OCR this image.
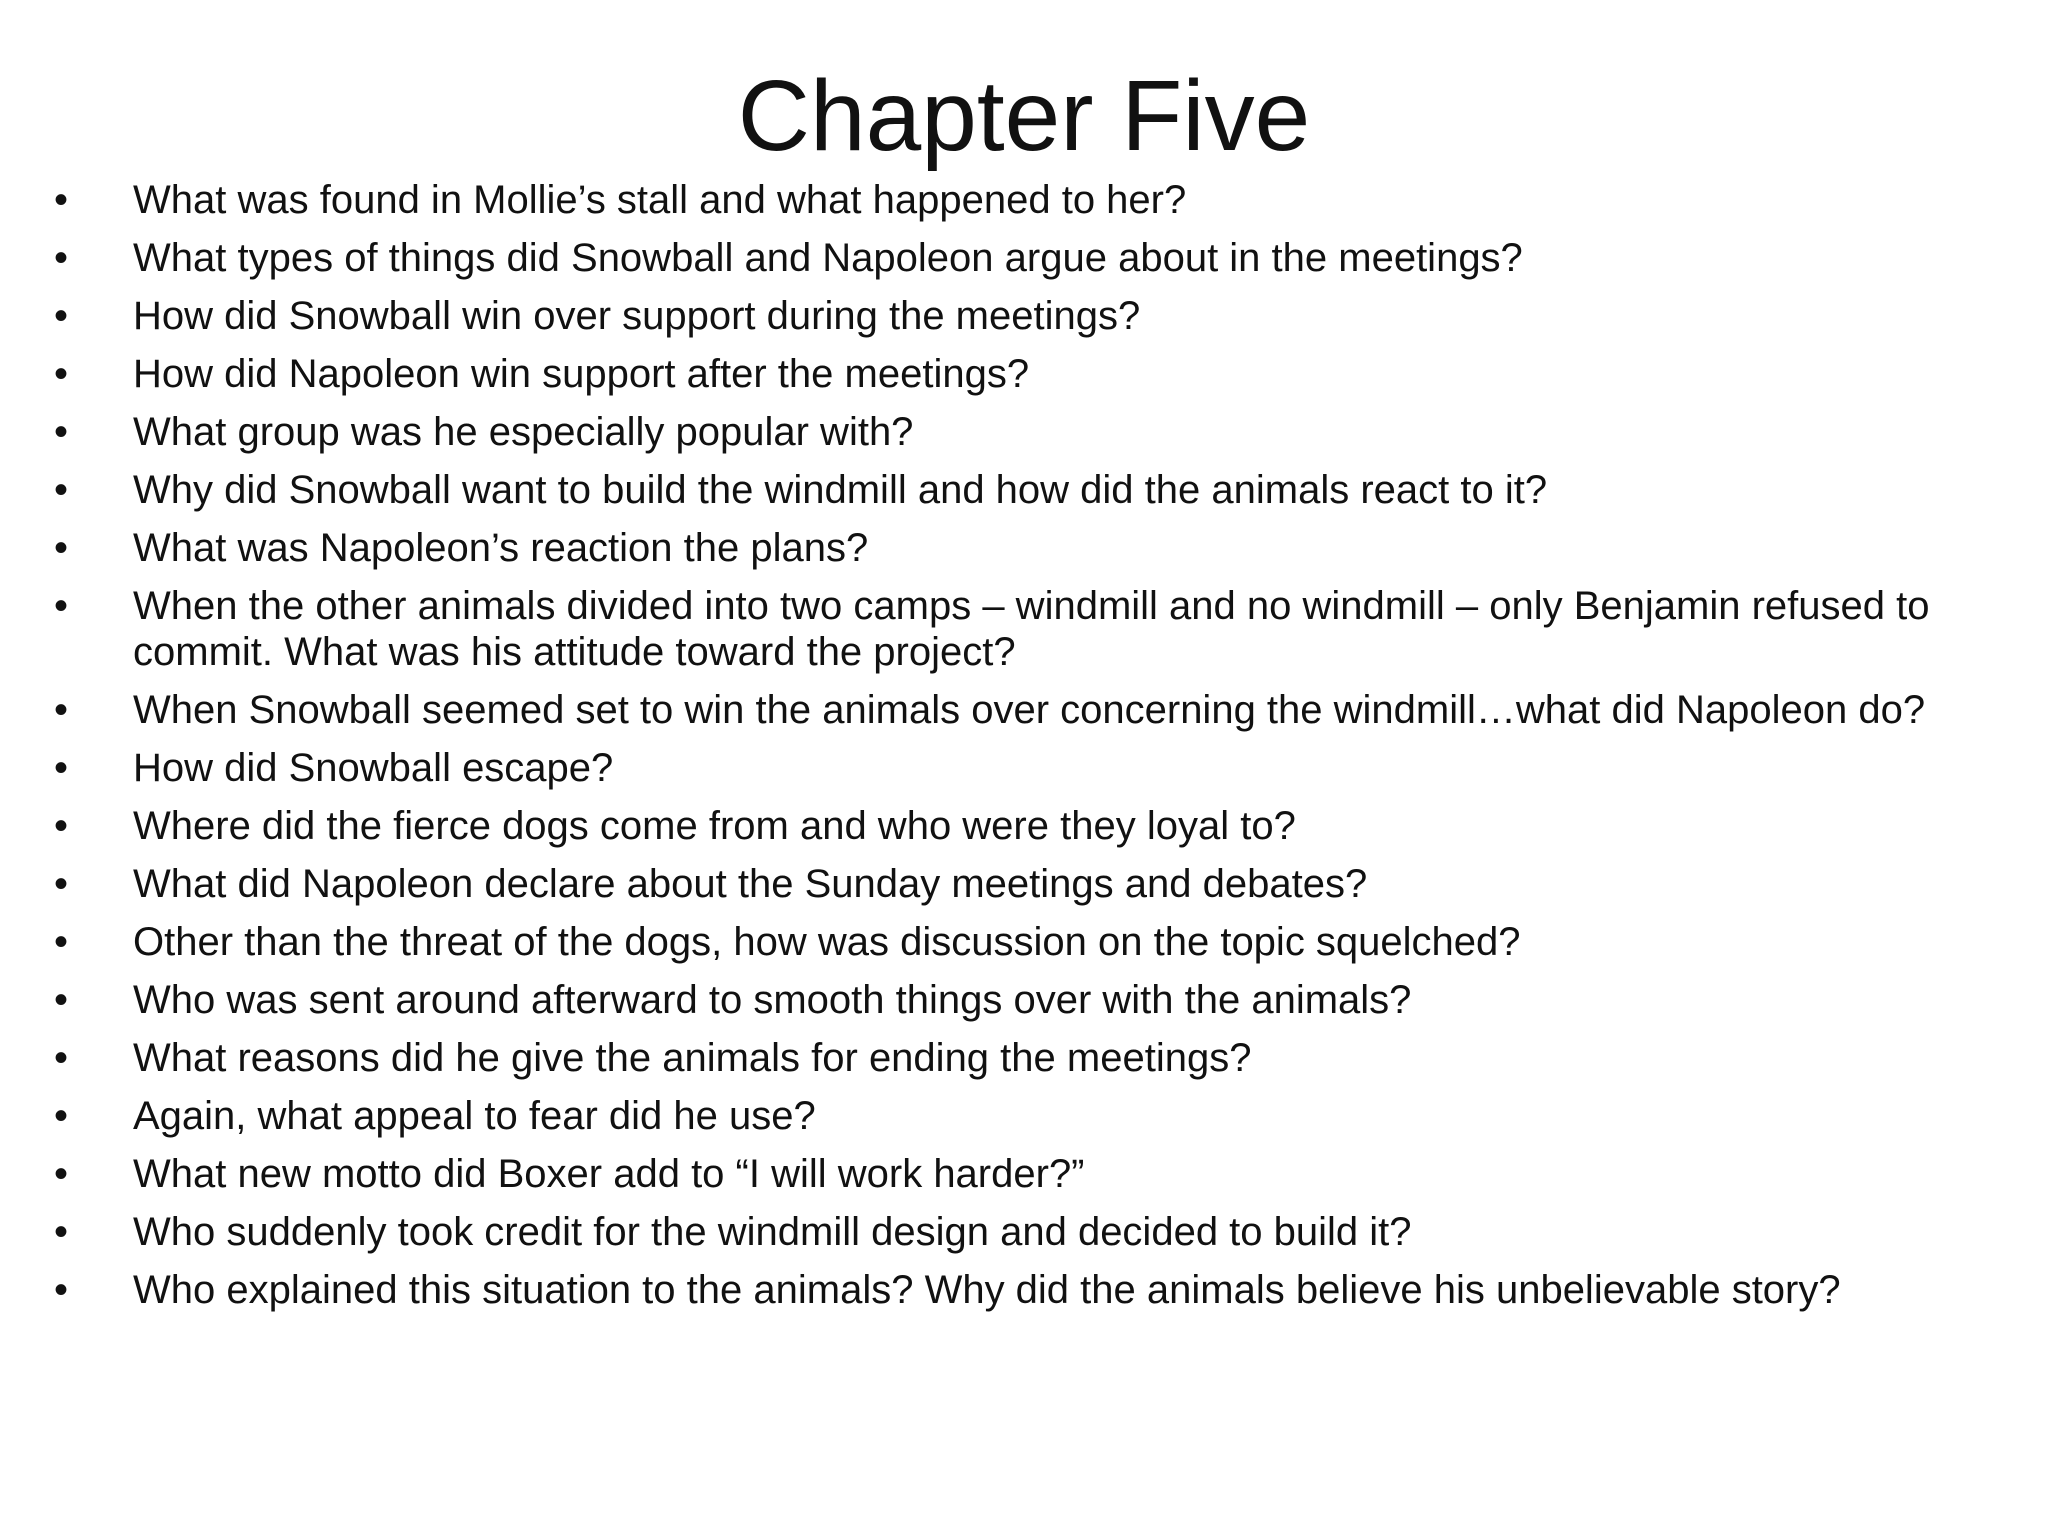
Chapter Five
•	What was found in Mollie’s stall and what happened to her?
•	What types of things did Snowball and Napoleon argue about in the meetings?
•	How did Snowball win over support during the meetings?
•	How did Napoleon win support after the meetings?
•	What group was he especially popular with?
•	Why did Snowball want to build the windmill and how did the animals react to it?
•	What was Napoleon’s reaction the plans?
•	When the other animals divided into two camps – windmill and no windmill – only Benjamin refused to commit. What was his attitude toward the project?
•	When Snowball seemed set to win the animals over concerning the windmill…what did Napoleon do?
•	How did Snowball escape?
•	Where did the fierce dogs come from and who were they loyal to?
•	What did Napoleon declare about the Sunday meetings and debates?
•	Other than the threat of the dogs, how was discussion on the topic squelched?
•	Who was sent around afterward to smooth things over with the animals?
•	What reasons did he give the animals for ending the meetings?
•	Again, what appeal to fear did he use?
•	What new motto did Boxer add to “I will work harder?”
•	Who suddenly took credit for the windmill design and decided to build it?
•	Who explained this situation to the animals? Why did the animals believe his unbelievable story?
